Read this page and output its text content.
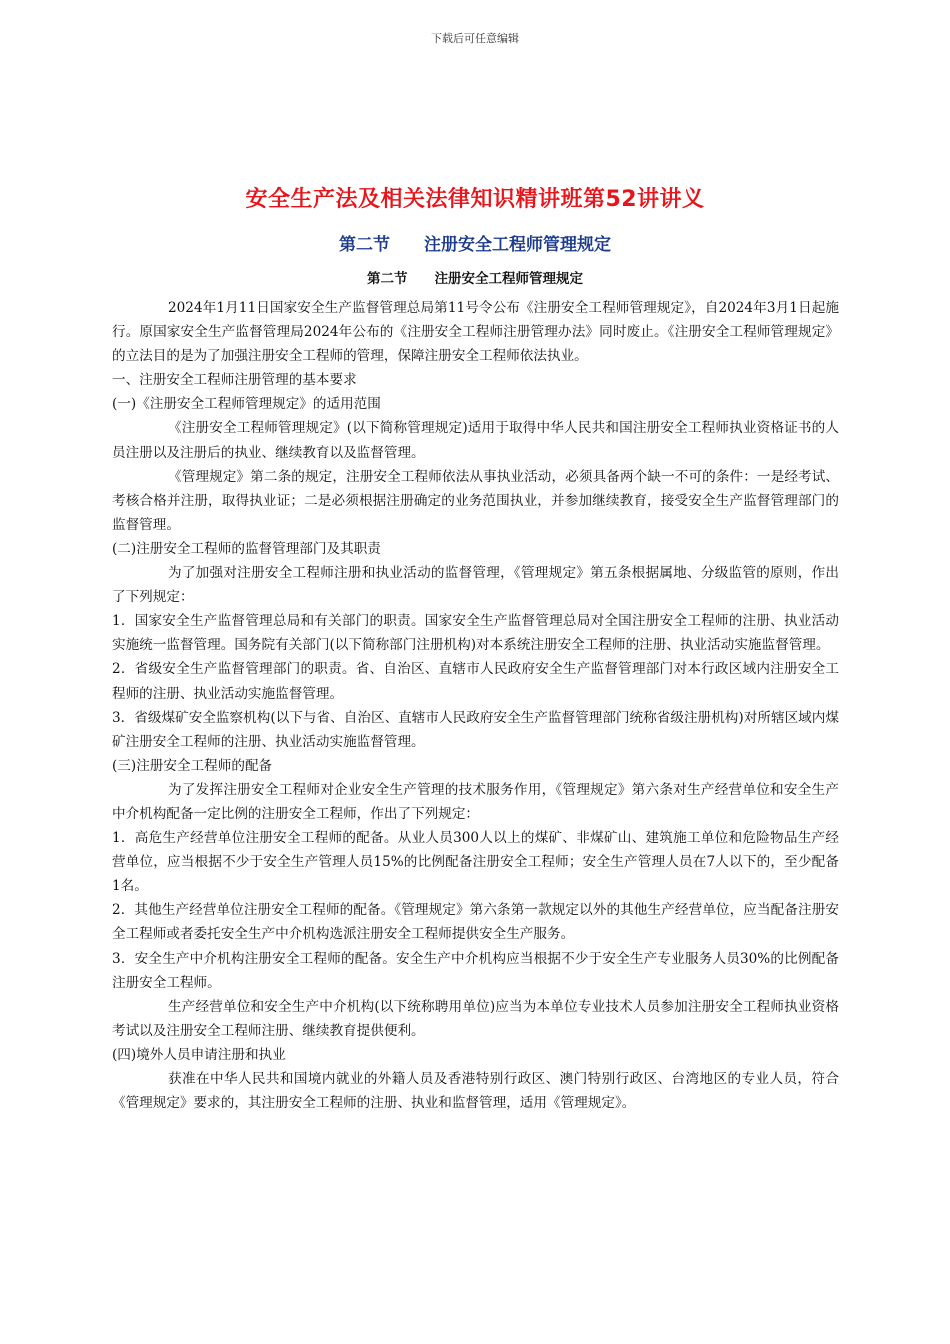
下载后可任意编辑
安全生产法及相关法律知识精讲班第52讲讲义
第二节　　注册安全工程师管理规定
第二节　　注册安全工程师管理规定

2024年1月11日国家安全生产监督管理总局第11号令公布《注册安全工程师管理规定》，自2024年3月1日起施行。原国家安全生产监督管理局2024年公布的《注册安全工程师注册管理办法》同时废止。《注册安全工程师管理规定》的立法目的是为了加强注册安全工程师的管理，保障注册安全工程师依法执业。

一、注册安全工程师注册管理的基本要求

(一)《注册安全工程师管理规定》的适用范围

《注册安全工程师管理规定》(以下简称管理规定)适用于取得中华人民共和国注册安全工程师执业资格证书的人员注册以及注册后的执业、继续教育以及监督管理。

《管理规定》第二条的规定，注册安全工程师依法从事执业活动，必须具备两个缺一不可的条件：一是经考试、考核合格并注册，取得执业证；二是必须根据注册确定的业务范围执业，并参加继续教育，接受安全生产监督管理部门的监督管理。

(二)注册安全工程师的监督管理部门及其职责

为了加强对注册安全工程师注册和执业活动的监督管理，《管理规定》第五条根据属地、分级监管的原则，作出了下列规定：

1．国家安全生产监督管理总局和有关部门的职责。国家安全生产监督管理总局对全国注册安全工程师的注册、执业活动实施统一监督管理。国务院有关部门(以下简称部门注册机构)对本系统注册安全工程师的注册、执业活动实施监督管理。

2．省级安全生产监督管理部门的职责。省、自治区、直辖市人民政府安全生产监督管理部门对本行政区域内注册安全工程师的注册、执业活动实施监督管理。

3．省级煤矿安全监察机构(以下与省、自治区、直辖市人民政府安全生产监督管理部门统称省级注册机构)对所辖区域内煤矿注册安全工程师的注册、执业活动实施监督管理。

(三)注册安全工程师的配备

为了发挥注册安全工程师对企业安全生产管理的技术服务作用，《管理规定》第六条对生产经营单位和安全生产中介机构配备一定比例的注册安全工程师，作出了下列规定：

1．高危生产经营单位注册安全工程师的配备。从业人员300人以上的煤矿、非煤矿山、建筑施工单位和危险物品生产经营单位，应当根据不少于安全生产管理人员15%的比例配备注册安全工程师；安全生产管理人员在7人以下的，至少配备1名。

2．其他生产经营单位注册安全工程师的配备。《管理规定》第六条第一款规定以外的其他生产经营单位，应当配备注册安全工程师或者委托安全生产中介机构选派注册安全工程师提供安全生产服务。

3．安全生产中介机构注册安全工程师的配备。安全生产中介机构应当根据不少于安全生产专业服务人员30%的比例配备注册安全工程师。

生产经营单位和安全生产中介机构(以下统称聘用单位)应当为本单位专业技术人员参加注册安全工程师执业资格考试以及注册安全工程师注册、继续教育提供便利。

(四)境外人员申请注册和执业

获准在中华人民共和国境内就业的外籍人员及香港特别行政区、澳门特别行政区、台湾地区的专业人员，符合《管理规定》要求的，其注册安全工程师的注册、执业和监督管理，适用《管理规定》。
